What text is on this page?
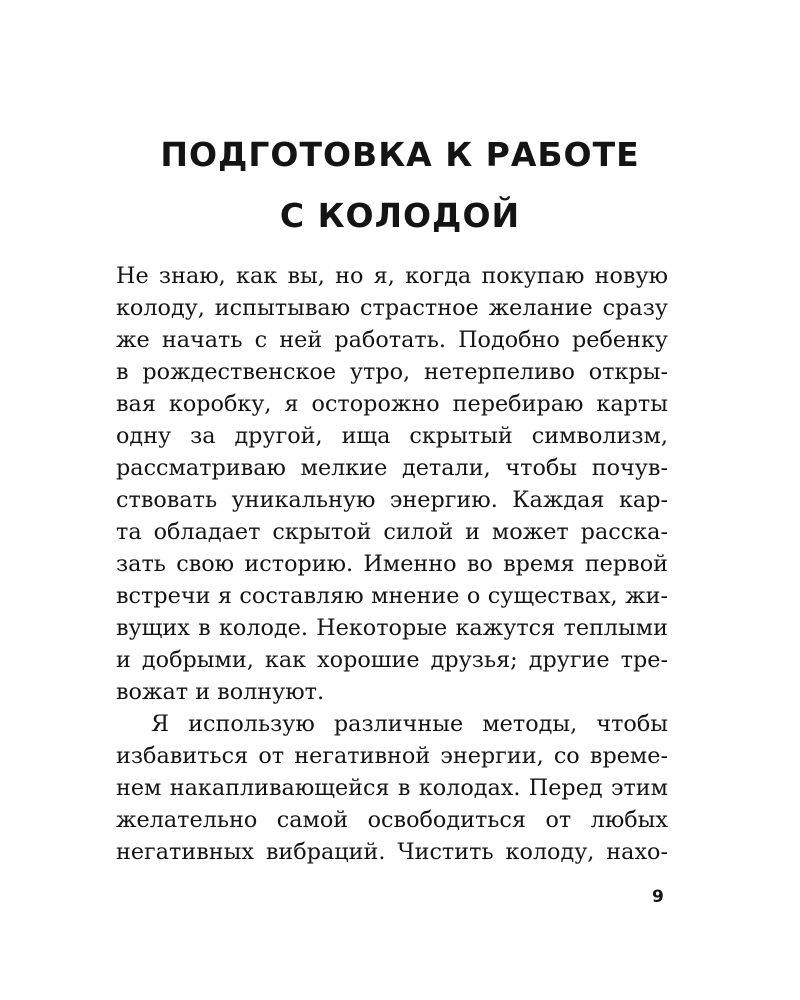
ПОДГОТОВКА К РАБОТЕ
С КОЛОДОЙ
Не знаю, как вы, но я, когда покупаю новую
колоду, испытываю страстное желание сразу
же начать с ней работать. Подобно ребенку
в рождественское утро, нетерпеливо откры-
вая коробку, я осторожно перебираю карты
одну за другой, ища скрытый символизм,
рассматриваю мелкие детали, чтобы почув-
ствовать уникальную энергию. Каждая кар-
та обладает скрытой силой и может расска-
зать свою историю. Именно во время первой
встречи я составляю мнение о существах, жи-
вущих в колоде. Некоторые кажутся теплыми
и добрыми, как хорошие друзья; другие тре-
вожат и волнуют.
Я использую различные методы, чтобы
избавиться от негативной энергии, со време-
нем накапливающейся в колодах. Перед этим
желательно самой освободиться от любых
негативных вибраций. Чистить колоду, нахо-
9
